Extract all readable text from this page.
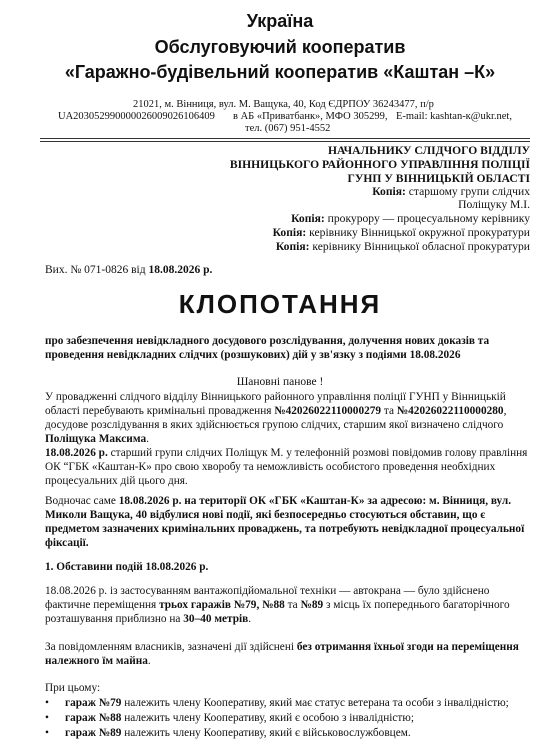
Україна
Обслуговуючий кооператив
«Гаражно-будівельний кооператив «Каштан –К»
21021, м. Вінниця, вул. М. Ващука, 40, Код ЄДРПОУ 36243477, п/р
UA203052990000026009026106409 в АБ «Приватбанк», МФО 305299, E-mail: kashtan-к@ukr.net,
тел. (067) 951-4552
НАЧАЛЬНИКУ СЛІДЧОГО ВІДДІЛУ
ВІННИЦЬКОГО РАЙОННОГО УПРАВЛІННЯ ПОЛІЦІЇ
ГУНП У ВІННИЦЬКІЙ ОБЛАСТІ
Копія: старшому групи слідчих
Поліщуку М.І.
Копія: прокурору — процесуальному керівнику
Копія: керівнику Вінницької окружної прокуратури
Копія: керівнику Вінницької обласної прокуратури
Вих. № 071-0826 від 18.08.2026 р.
КЛОПОТАННЯ
про забезпечення невідкладного досудового розслідування, долучення нових доказів та проведення невідкладних слідчих (розшукових) дій у зв'язку з подіями 18.08.2026
Шановні панове !
У провадженні слідчого відділу Вінницького районного управління поліції ГУНП у Вінницькій області перебувають кримінальні провадження №42026022110000279 та №42026022110000280, досудове розслідування в яких здійснюється групою слідчих, старшим якої визначено слідчого Поліщука Максима.
18.08.2026 р. старший групи слідчих Поліщук М. у телефонній розмові повідомив голову правління ОК “ГБК «Каштан-К» про свою хворобу та неможливість особистого проведення необхідних процесуальних дій цього дня.
Водночас саме 18.08.2026 р. на території ОК «ГБК «Каштан-К» за адресою: м. Вінниця, вул. Миколи Ващука, 40 відбулися нові події, які безпосередньо стосуються обставин, що є предметом зазначених кримінальних проваджень, та потребують невідкладної процесуальної фіксації.
1. Обставини подій 18.08.2026 р.
18.08.2026 р. із застосуванням вантажопідйомальної техніки — автокрана — було здійснено фактичне переміщення трьох гаражів №79, №88 та №89 з місць їх попереднього багаторічного розташування приблизно на 30–40 метрів.
За повідомленням власників, зазначені дії здійснені без отримання їхньої згоди на переміщення належного їм майна.
При цьому:
• гараж №79 належить члену Кооперативу, який має статус ветерана та особи з інвалідністю;
• гараж №88 належить члену Кооперативу, який є особою з інвалідністю;
• гараж №89 належить члену Кооперативу, який є військовослужбовцем.
